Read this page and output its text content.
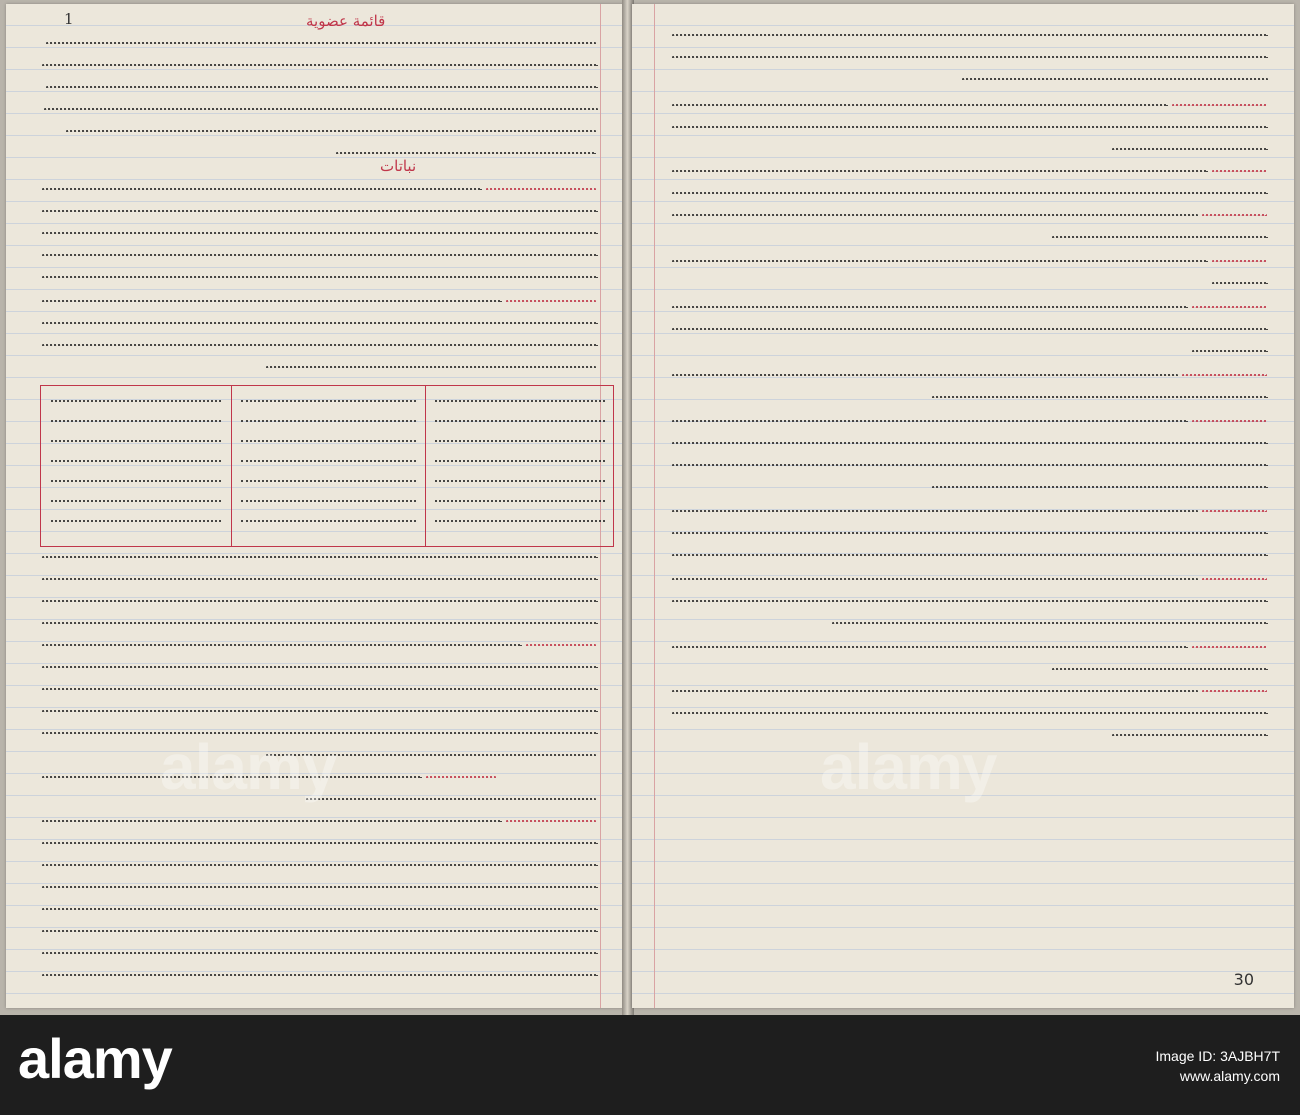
1	قائمة عضوية
نباتات
30
alamy	alamy
alamy	Image ID: 3AJBH7T
www.alamy.com
